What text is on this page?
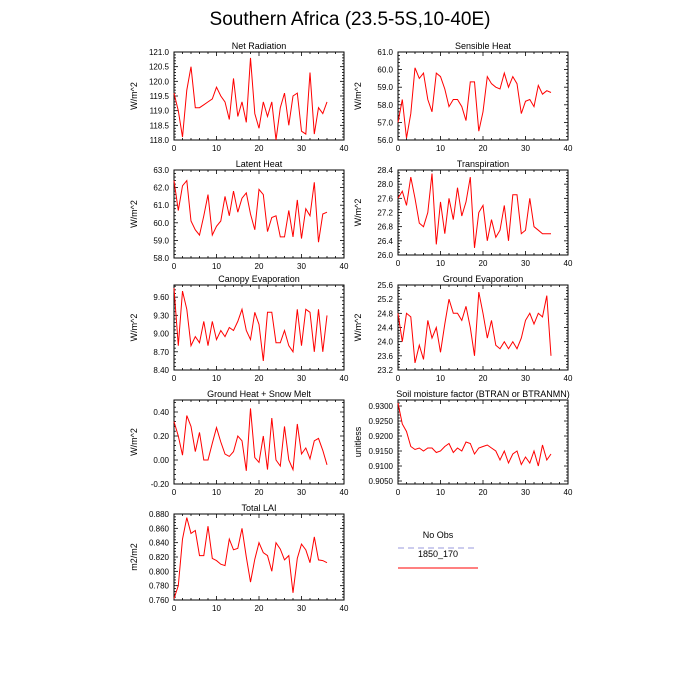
Southern Africa (23.5-5S,10-40E)
Net Radiation
W/m^2
0	10	20	30	40
118.0
118.5
119.0
119.5
120.0
120.5
121.0
Sensible Heat
W/m^2
0	10	20	30	40
56.0
57.0
58.0
59.0
60.0
61.0
Latent Heat
W/m^2
0	10	20	30	40
58.0
59.0
60.0
61.0
62.0
63.0
Transpiration
W/m^2
0	10	20	30	40
26.0
26.4
26.8
27.2
27.6
28.0
28.4
Canopy Evaporation
W/m^2
0	10	20	30	40
8.40
8.70
9.00
9.30
9.60
Ground Evaporation
W/m^2
0	10	20	30	40
23.2
23.6
24.0
24.4
24.8
25.2
25.6
Ground Heat + Snow Melt
W/m^2
0	10	20	30	40
-0.20
0.00
0.20
0.40
Soil moisture factor (BTRAN or BTRANMN)
unitless
0	10	20	30	40
0.9050
0.9100
0.9150
0.9200
0.9250
0.9300
Total LAI
m2/m2
0	10	20	30	40
0.760
0.780
0.800
0.820
0.840
0.860
0.880
No Obs
1850_170
